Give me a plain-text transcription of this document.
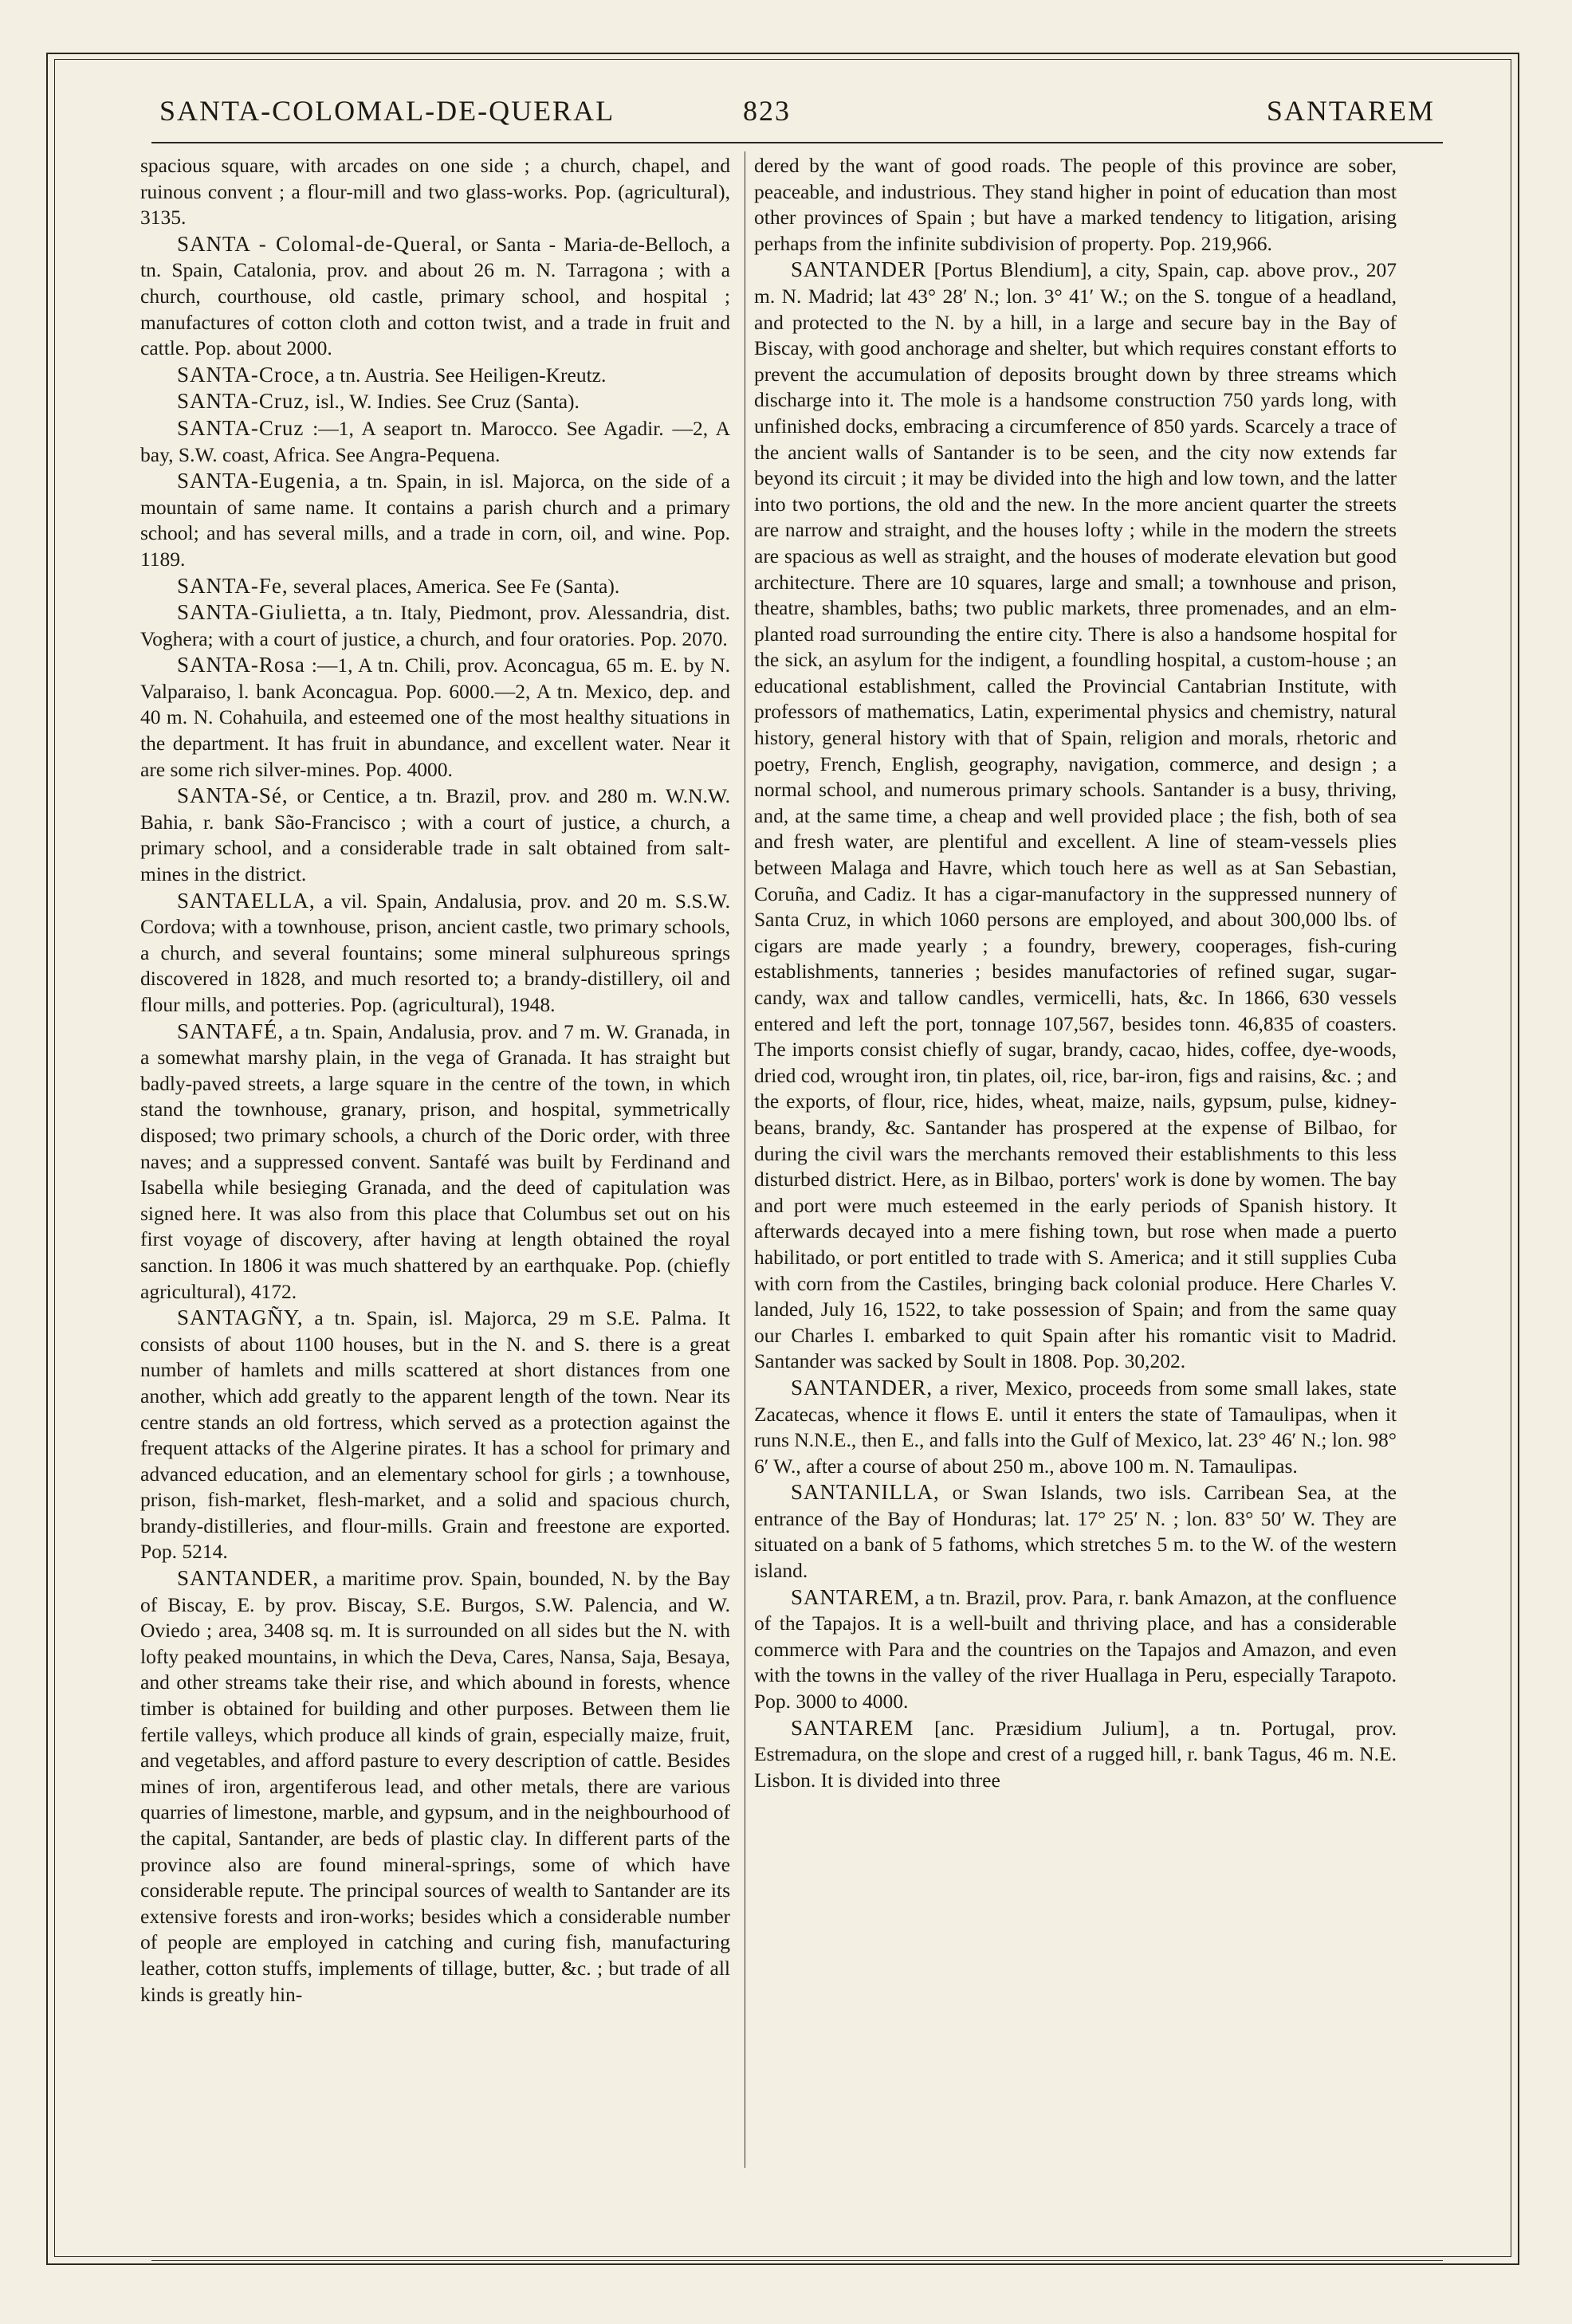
SANTA-COLOMAL-DE-QUERAL	823	SANTAREM

spacious square, with arcades on one side ; a church, chapel, and ruinous convent ; a flour-mill and two glass-works. Pop. (agricultural), 3135.

SANTA - Colomal-de-Queral, or Santa - Maria-de-Belloch, a tn. Spain, Catalonia, prov. and about 26 m. N. Tarragona ; with a church, courthouse, old castle, primary school, and hospital ; manufactures of cotton cloth and cotton twist, and a trade in fruit and cattle. Pop. about 2000.

SANTA-Croce, a tn. Austria. See Heiligen-Kreutz.

SANTA-Cruz, isl., W. Indies. See Cruz (Santa).

SANTA-Cruz :—1, A seaport tn. Marocco. See Agadir. —2, A bay, S.W. coast, Africa. See Angra-Pequena.

SANTA-Eugenia, a tn. Spain, in isl. Majorca, on the side of a mountain of same name. It contains a parish church and a primary school; and has several mills, and a trade in corn, oil, and wine. Pop. 1189.

SANTA-Fe, several places, America. See Fe (Santa).

SANTA-Giulietta, a tn. Italy, Piedmont, prov. Alessandria, dist. Voghera; with a court of justice, a church, and four oratories. Pop. 2070.

SANTA-Rosa :—1, A tn. Chili, prov. Aconcagua, 65 m. E. by N. Valparaiso, l. bank Aconcagua. Pop. 6000.—2, A tn. Mexico, dep. and 40 m. N. Cohahuila, and esteemed one of the most healthy situations in the department. It has fruit in abundance, and excellent water. Near it are some rich silver-mines. Pop. 4000.

SANTA-Sé, or Centice, a tn. Brazil, prov. and 280 m. W.N.W. Bahia, r. bank São-Francisco ; with a court of justice, a church, a primary school, and a considerable trade in salt obtained from salt-mines in the district.

SANTAELLA, a vil. Spain, Andalusia, prov. and 20 m. S.S.W. Cordova; with a townhouse, prison, ancient castle, two primary schools, a church, and several fountains; some mineral sulphureous springs discovered in 1828, and much resorted to; a brandy-distillery, oil and flour mills, and potteries. Pop. (agricultural), 1948.

SANTAFÉ, a tn. Spain, Andalusia, prov. and 7 m. W. Granada, in a somewhat marshy plain, in the vega of Granada. It has straight but badly-paved streets, a large square in the centre of the town, in which stand the townhouse, granary, prison, and hospital, symmetrically disposed; two primary schools, a church of the Doric order, with three naves; and a suppressed convent. Santafé was built by Ferdinand and Isabella while besieging Granada, and the deed of capitulation was signed here. It was also from this place that Columbus set out on his first voyage of discovery, after having at length obtained the royal sanction. In 1806 it was much shattered by an earthquake. Pop. (chiefly agricultural), 4172.

SANTAGÑY, a tn. Spain, isl. Majorca, 29 m S.E. Palma. It consists of about 1100 houses, but in the N. and S. there is a great number of hamlets and mills scattered at short distances from one another, which add greatly to the apparent length of the town. Near its centre stands an old fortress, which served as a protection against the frequent attacks of the Algerine pirates. It has a school for primary and advanced education, and an elementary school for girls ; a townhouse, prison, fish-market, flesh-market, and a solid and spacious church, brandy-distilleries, and flour-mills. Grain and freestone are exported. Pop. 5214.

SANTANDER, a maritime prov. Spain, bounded, N. by the Bay of Biscay, E. by prov. Biscay, S.E. Burgos, S.W. Palencia, and W. Oviedo ; area, 3408 sq. m. It is surrounded on all sides but the N. with lofty peaked mountains, in which the Deva, Cares, Nansa, Saja, Besaya, and other streams take their rise, and which abound in forests, whence timber is obtained for building and other purposes. Between them lie fertile valleys, which produce all kinds of grain, especially maize, fruit, and vegetables, and afford pasture to every description of cattle. Besides mines of iron, argentiferous lead, and other metals, there are various quarries of limestone, marble, and gypsum, and in the neighbourhood of the capital, Santander, are beds of plastic clay. In different parts of the province also are found mineral-springs, some of which have considerable repute. The principal sources of wealth to Santander are its extensive forests and iron-works; besides which a considerable number of people are employed in catching and curing fish, manufacturing leather, cotton stuffs, implements of tillage, butter, &c. ; but trade of all kinds is greatly hin-

dered by the want of good roads. The people of this province are sober, peaceable, and industrious. They stand higher in point of education than most other provinces of Spain ; but have a marked tendency to litigation, arising perhaps from the infinite subdivision of property. Pop. 219,966.

SANTANDER [Portus Blendium], a city, Spain, cap. above prov., 207 m. N. Madrid; lat 43° 28′ N.; lon. 3° 41′ W.; on the S. tongue of a headland, and protected to the N. by a hill, in a large and secure bay in the Bay of Biscay, with good anchorage and shelter, but which requires constant efforts to prevent the accumulation of deposits brought down by three streams which discharge into it. The mole is a handsome construction 750 yards long, with unfinished docks, embracing a circumference of 850 yards. Scarcely a trace of the ancient walls of Santander is to be seen, and the city now extends far beyond its circuit ; it may be divided into the high and low town, and the latter into two portions, the old and the new. In the more ancient quarter the streets are narrow and straight, and the houses lofty ; while in the modern the streets are spacious as well as straight, and the houses of moderate elevation but good architecture. There are 10 squares, large and small; a townhouse and prison, theatre, shambles, baths; two public markets, three promenades, and an elm-planted road surrounding the entire city. There is also a handsome hospital for the sick, an asylum for the indigent, a foundling hospital, a custom-house ; an educational establishment, called the Provincial Cantabrian Institute, with professors of mathematics, Latin, experimental physics and chemistry, natural history, general history with that of Spain, religion and morals, rhetoric and poetry, French, English, geography, navigation, commerce, and design ; a normal school, and numerous primary schools. Santander is a busy, thriving, and, at the same time, a cheap and well provided place ; the fish, both of sea and fresh water, are plentiful and excellent. A line of steam-vessels plies between Malaga and Havre, which touch here as well as at San Sebastian, Coruña, and Cadiz. It has a cigar-manufactory in the suppressed nunnery of Santa Cruz, in which 1060 persons are employed, and about 300,000 lbs. of cigars are made yearly ; a foundry, brewery, cooperages, fish-curing establishments, tanneries ; besides manufactories of refined sugar, sugar-candy, wax and tallow candles, vermicelli, hats, &c. In 1866, 630 vessels entered and left the port, tonnage 107,567, besides tonn. 46,835 of coasters. The imports consist chiefly of sugar, brandy, cacao, hides, coffee, dye-woods, dried cod, wrought iron, tin plates, oil, rice, bar-iron, figs and raisins, &c. ; and the exports, of flour, rice, hides, wheat, maize, nails, gypsum, pulse, kidney-beans, brandy, &c. Santander has prospered at the expense of Bilbao, for during the civil wars the merchants removed their establishments to this less disturbed district. Here, as in Bilbao, porters' work is done by women. The bay and port were much esteemed in the early periods of Spanish history. It afterwards decayed into a mere fishing town, but rose when made a puerto habilitado, or port entitled to trade with S. America; and it still supplies Cuba with corn from the Castiles, bringing back colonial produce. Here Charles V. landed, July 16, 1522, to take possession of Spain; and from the same quay our Charles I. embarked to quit Spain after his romantic visit to Madrid. Santander was sacked by Soult in 1808. Pop. 30,202.

SANTANDER, a river, Mexico, proceeds from some small lakes, state Zacatecas, whence it flows E. until it enters the state of Tamaulipas, when it runs N.N.E., then E., and falls into the Gulf of Mexico, lat. 23° 46′ N.; lon. 98° 6′ W., after a course of about 250 m., above 100 m. N. Tamaulipas.

SANTANILLA, or Swan Islands, two isls. Carribean Sea, at the entrance of the Bay of Honduras; lat. 17° 25′ N. ; lon. 83° 50′ W. They are situated on a bank of 5 fathoms, which stretches 5 m. to the W. of the western island.

SANTAREM, a tn. Brazil, prov. Para, r. bank Amazon, at the confluence of the Tapajos. It is a well-built and thriving place, and has a considerable commerce with Para and the countries on the Tapajos and Amazon, and even with the towns in the valley of the river Huallaga in Peru, especially Tarapoto. Pop. 3000 to 4000.

SANTAREM [anc. Præsidium Julium], a tn. Portugal, prov. Estremadura, on the slope and crest of a rugged hill, r. bank Tagus, 46 m. N.E. Lisbon. It is divided into three
